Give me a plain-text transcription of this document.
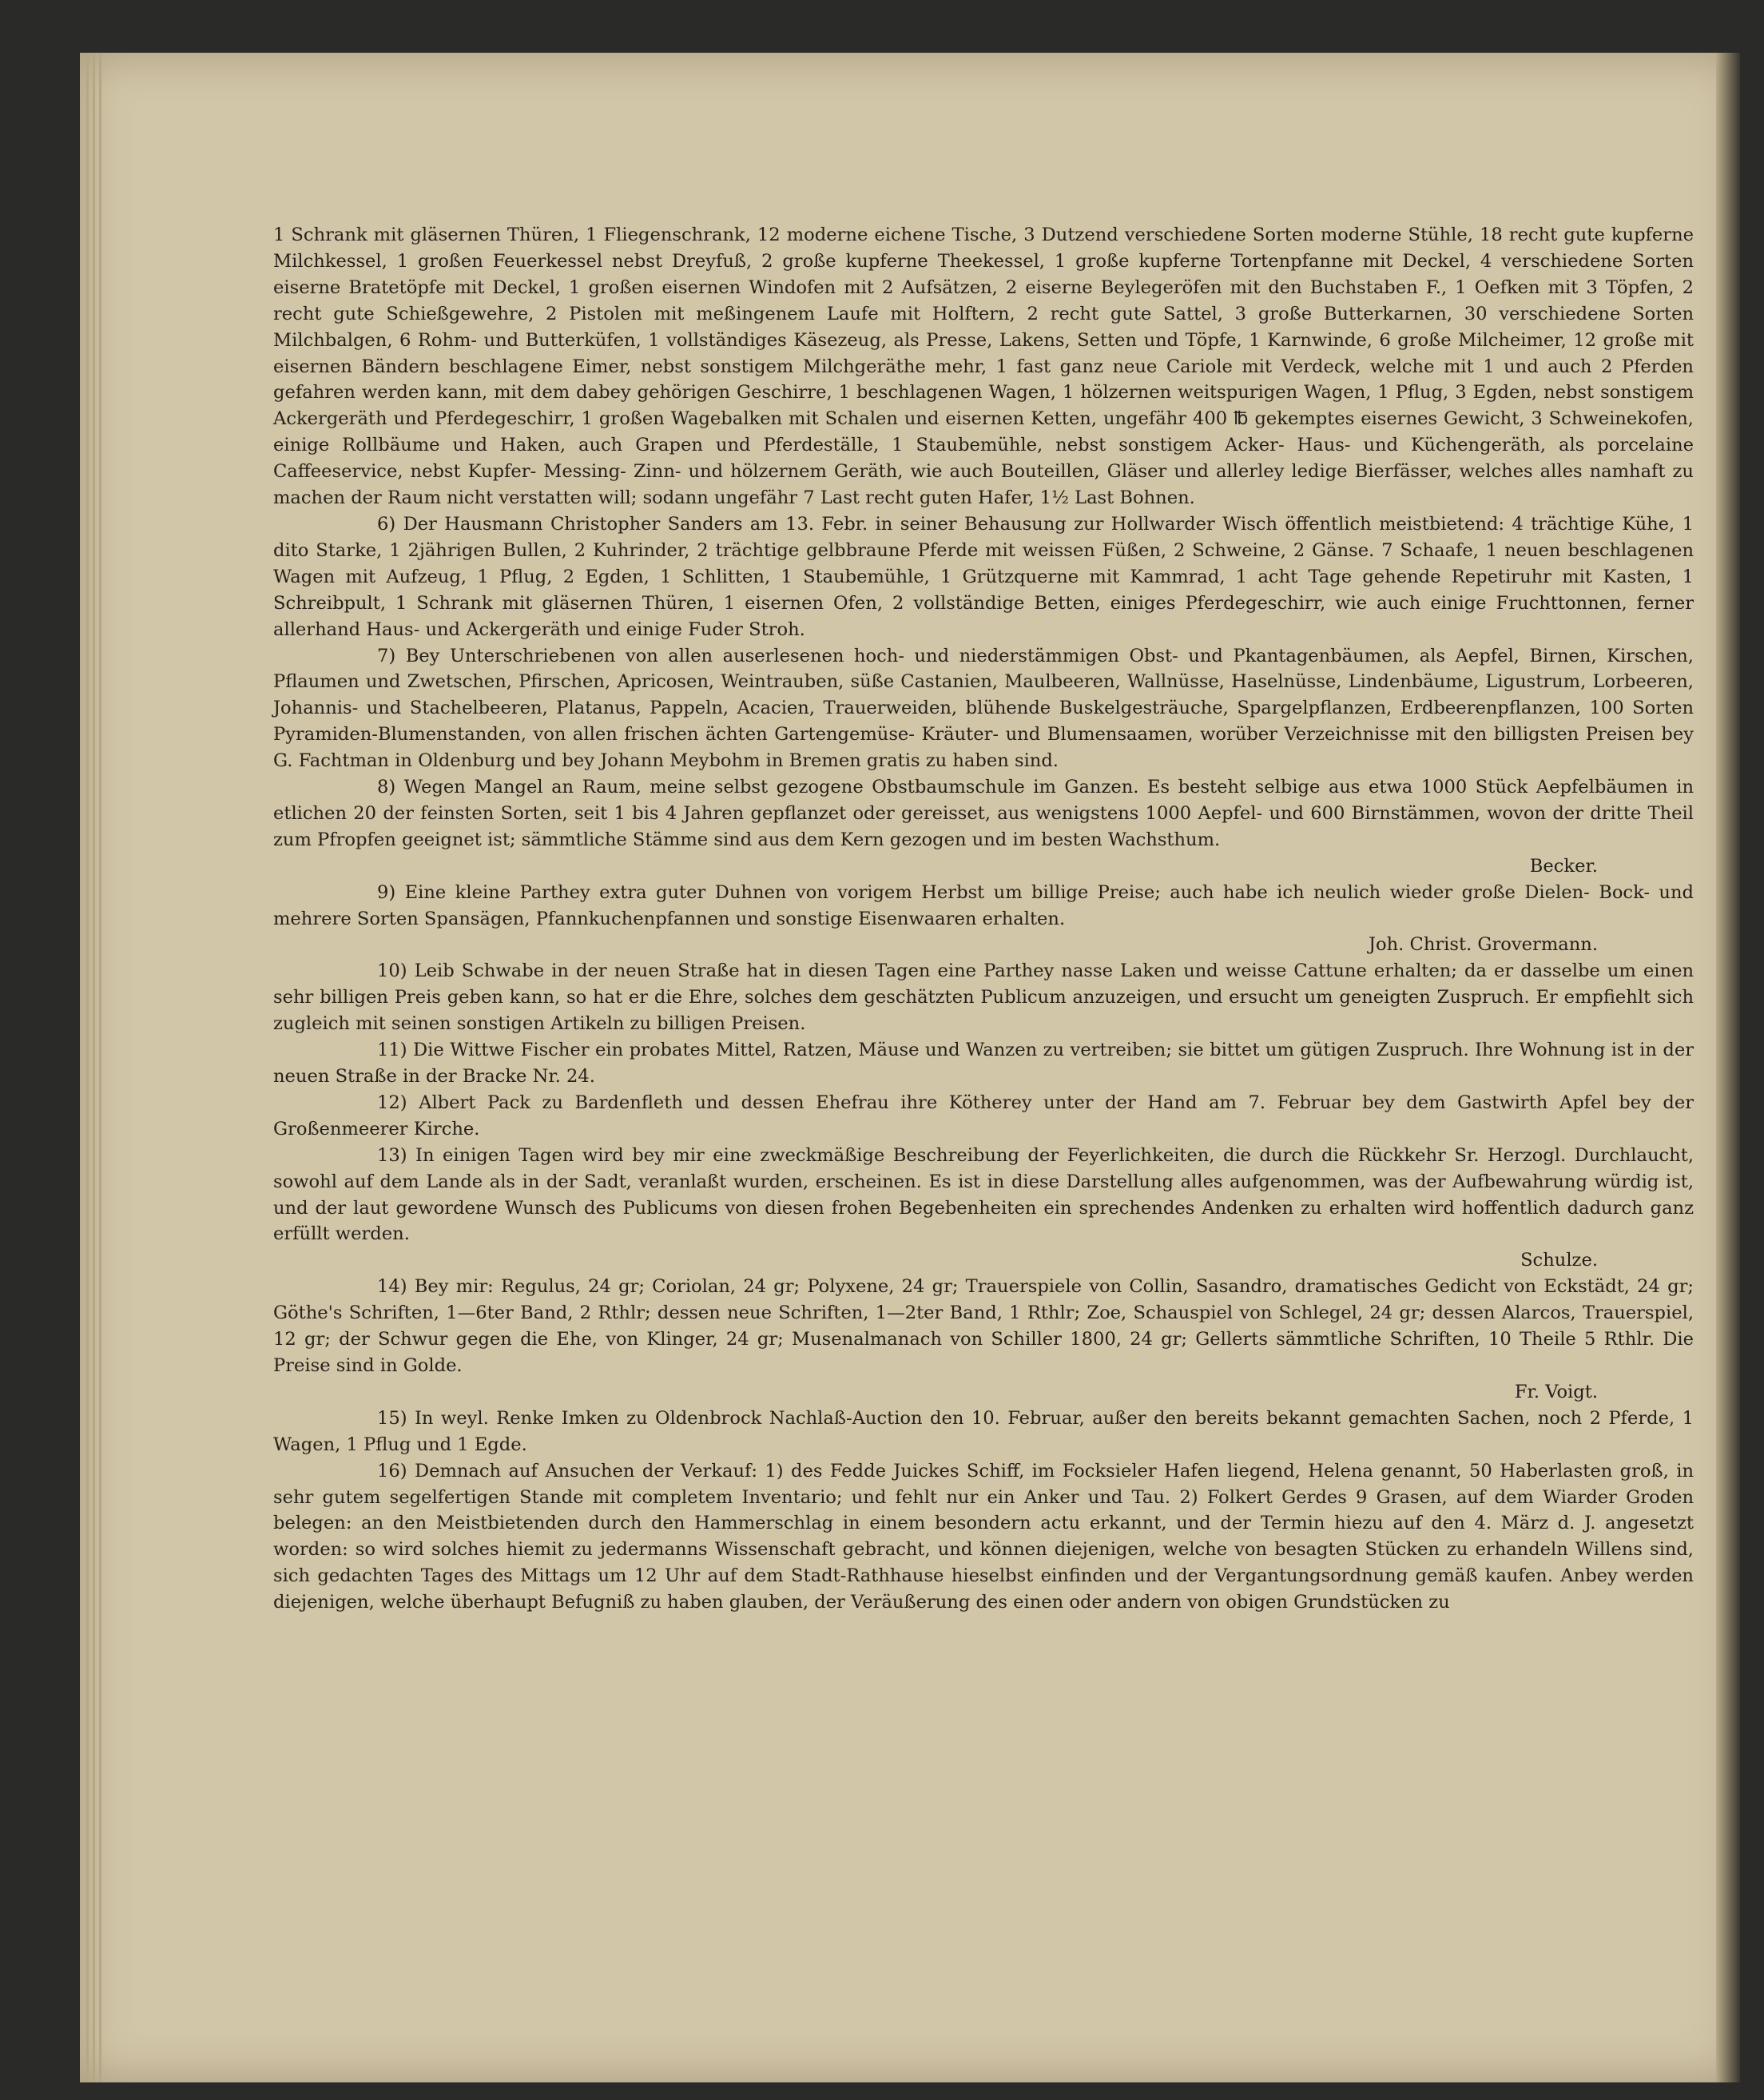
1 Schrank mit gläsernen Thüren, 1 Fliegenschrank, 12 moderne eichene Tische, 3 Dutzend verschiedene Sorten moderne Stühle, 18 recht gute kupferne Milchkessel, 1 großen Feuerkessel nebst Dreyfuß, 2 große kupferne Theekessel, 1 große kupferne Tortenpfanne mit Deckel, 4 verschiedene Sorten eiserne Bratetöpfe mit Deckel, 1 großen eisernen Windofen mit 2 Aufsätzen, 2 eiserne Beylegeröfen mit den Buchstaben F., 1 Oefken mit 3 Töpfen, 2 recht gute Schießgewehre, 2 Pistolen mit meßingenem Laufe mit Holftern, 2 recht gute Sattel, 3 große Butterkarnen, 30 verschiedene Sorten Milchbalgen, 6 Rohm- und Butterküfen, 1 vollständiges Käsezeug, als Presse, Lakens, Setten und Töpfe, 1 Karnwinde, 6 große Milcheimer, 12 große mit eisernen Bändern beschlagene Eimer, nebst sonstigem Milchgeräthe mehr, 1 fast ganz neue Cariole mit Verdeck, welche mit 1 und auch 2 Pferden gefahren werden kann, mit dem dabey gehörigen Geschirre, 1 beschlagenen Wagen, 1 hölzernen weitspurigen Wagen, 1 Pflug, 3 Egden, nebst sonstigem Ackergeräth und Pferdegeschirr, 1 großen Wagebalken mit Schalen und eisernen Ketten, ungefähr 400 ℔ gekemptes eisernes Gewicht, 3 Schweinekofen, einige Rollbäume und Haken, auch Grapen und Pferdeställe, 1 Staubemühle, nebst sonstigem Acker- Haus- und Küchengeräth, als porcelaine Caffeeservice, nebst Kupfer- Messing- Zinn- und hölzernem Geräth, wie auch Bouteillen, Gläser und allerley ledige Bierfässer, welches alles namhaft zu machen der Raum nicht verstatten will; sodann ungefähr 7 Last recht guten Hafer, 1½ Last Bohnen.

6) Der Hausmann Christopher Sanders am 13. Febr. in seiner Behausung zur Hollwarder Wisch öffentlich meistbietend: 4 trächtige Kühe, 1 dito Starke, 1 2jährigen Bullen, 2 Kuhrinder, 2 trächtige gelbbraune Pferde mit weissen Füßen, 2 Schweine, 2 Gänse. 7 Schaafe, 1 neuen beschlagenen Wagen mit Aufzeug, 1 Pflug, 2 Egden, 1 Schlitten, 1 Staubemühle, 1 Grützquerne mit Kammrad, 1 acht Tage gehende Repetiruhr mit Kasten, 1 Schreibpult, 1 Schrank mit gläsernen Thüren, 1 eisernen Ofen, 2 vollständige Betten, einiges Pferdegeschirr, wie auch einige Fruchttonnen, ferner allerhand Haus- und Ackergeräth und einige Fuder Stroh.

7) Bey Unterschriebenen von allen auserlesenen hoch- und niederstämmigen Obst- und Pkantagenbäumen, als Aepfel, Birnen, Kirschen, Pflaumen und Zwetschen, Pfirschen, Apricosen, Weintrauben, süße Castanien, Maulbeeren, Wallnüsse, Haselnüsse, Lindenbäume, Ligustrum, Lorbeeren, Johannis- und Stachelbeeren, Platanus, Pappeln, Acacien, Trauerweiden, blühende Buskelgesträuche, Spargelpflanzen, Erdbeerenpflanzen, 100 Sorten Pyramiden-Blumenstanden, von allen frischen ächten Gartengemüse- Kräuter- und Blumensaamen, worüber Verzeichnisse mit den billigsten Preisen bey G. Fachtman in Oldenburg und bey Johann Meybohm in Bremen gratis zu haben sind.

8) Wegen Mangel an Raum, meine selbst gezogene Obstbaumschule im Ganzen. Es besteht selbige aus etwa 1000 Stück Aepfelbäumen in etlichen 20 der feinsten Sorten, seit 1 bis 4 Jahren gepflanzet oder gereisset, aus wenigstens 1000 Aepfel- und 600 Birnstämmen, wovon der dritte Theil zum Pfropfen geeignet ist; sämmtliche Stämme sind aus dem Kern gezogen und im besten Wachsthum.
Becker.

9) Eine kleine Parthey extra guter Duhnen von vorigem Herbst um billige Preise; auch habe ich neulich wieder große Dielen- Bock- und mehrere Sorten Spansägen, Pfannkuchenpfannen und sonstige Eisenwaaren erhalten.
Joh. Christ. Grovermann.

10) Leib Schwabe in der neuen Straße hat in diesen Tagen eine Parthey nasse Laken und weisse Cattune erhalten; da er dasselbe um einen sehr billigen Preis geben kann, so hat er die Ehre, solches dem geschätzten Publicum anzuzeigen, und ersucht um geneigten Zuspruch. Er empfiehlt sich zugleich mit seinen sonstigen Artikeln zu billigen Preisen.

11) Die Wittwe Fischer ein probates Mittel, Ratzen, Mäuse und Wanzen zu vertreiben; sie bittet um gütigen Zuspruch. Ihre Wohnung ist in der neuen Straße in der Bracke Nr. 24.

12) Albert Pack zu Bardenfleth und dessen Ehefrau ihre Kötherey unter der Hand am 7. Februar bey dem Gastwirth Apfel bey der Großenmeerer Kirche.

13) In einigen Tagen wird bey mir eine zweckmäßige Beschreibung der Feyerlichkeiten, die durch die Rückkehr Sr. Herzogl. Durchlaucht, sowohl auf dem Lande als in der Sadt, veranlaßt wurden, erscheinen. Es ist in diese Darstellung alles aufgenommen, was der Aufbewahrung würdig ist, und der laut gewordene Wunsch des Publicums von diesen frohen Begebenheiten ein sprechendes Andenken zu erhalten wird hoffentlich dadurch ganz erfüllt werden.
Schulze.

14) Bey mir: Regulus, 24 gr; Coriolan, 24 gr; Polyxene, 24 gr; Trauerspiele von Collin, Sasandro, dramatisches Gedicht von Eckstädt, 24 gr; Göthe's Schriften, 1—6ter Band, 2 Rthlr; dessen neue Schriften, 1—2ter Band, 1 Rthlr; Zoe, Schauspiel von Schlegel, 24 gr; dessen Alarcos, Trauerspiel, 12 gr; der Schwur gegen die Ehe, von Klinger, 24 gr; Musenalmanach von Schiller 1800, 24 gr; Gellerts sämmtliche Schriften, 10 Theile 5 Rthlr. Die Preise sind in Golde.
Fr. Voigt.

15) In weyl. Renke Imken zu Oldenbrock Nachlaß-Auction den 10. Februar, außer den bereits bekannt gemachten Sachen, noch 2 Pferde, 1 Wagen, 1 Pflug und 1 Egde.

16) Demnach auf Ansuchen der Verkauf: 1) des Fedde Juickes Schiff, im Focksieler Hafen liegend, Helena genannt, 50 Haberlasten groß, in sehr gutem segelfertigen Stande mit completem Inventario; und fehlt nur ein Anker und Tau. 2) Folkert Gerdes 9 Grasen, auf dem Wiarder Groden belegen: an den Meistbietenden durch den Hammerschlag in einem besondern actu erkannt, und der Termin hiezu auf den 4. März d. J. angesetzt worden: so wird solches hiemit zu jedermanns Wissenschaft gebracht, und können diejenigen, welche von besagten Stücken zu erhandeln Willens sind, sich gedachten Tages des Mittags um 12 Uhr auf dem Stadt-Rathhause hieselbst einfinden und der Vergantungsordnung gemäß kaufen. Anbey werden diejenigen, welche überhaupt Befugniß zu haben glauben, der Veräußerung des einen oder andern von obigen Grundstücken zu
